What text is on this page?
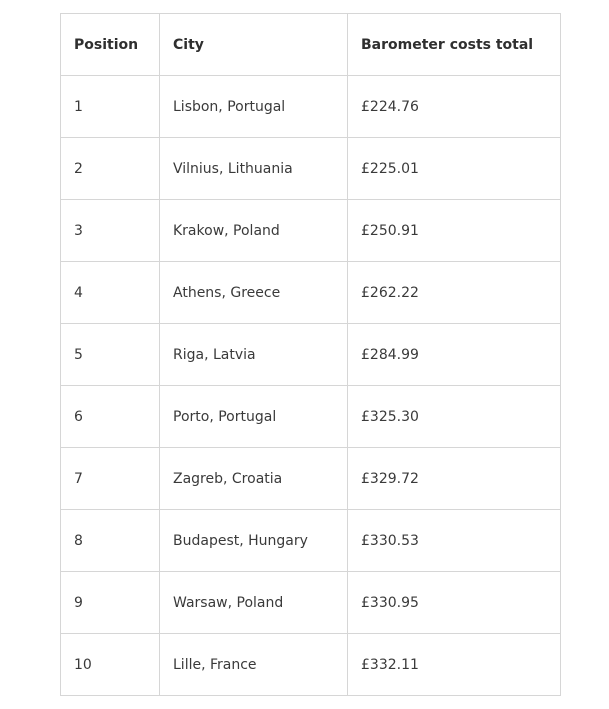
Position	City	Barometer costs total
1	Lisbon, Portugal	£224.76
2	Vilnius, Lithuania	£225.01
3	Krakow, Poland	£250.91
4	Athens, Greece	£262.22
5	Riga, Latvia	£284.99
6	Porto, Portugal	£325.30
7	Zagreb, Croatia	£329.72
8	Budapest, Hungary	£330.53
9	Warsaw, Poland	£330.95
10	Lille, France	£332.11
